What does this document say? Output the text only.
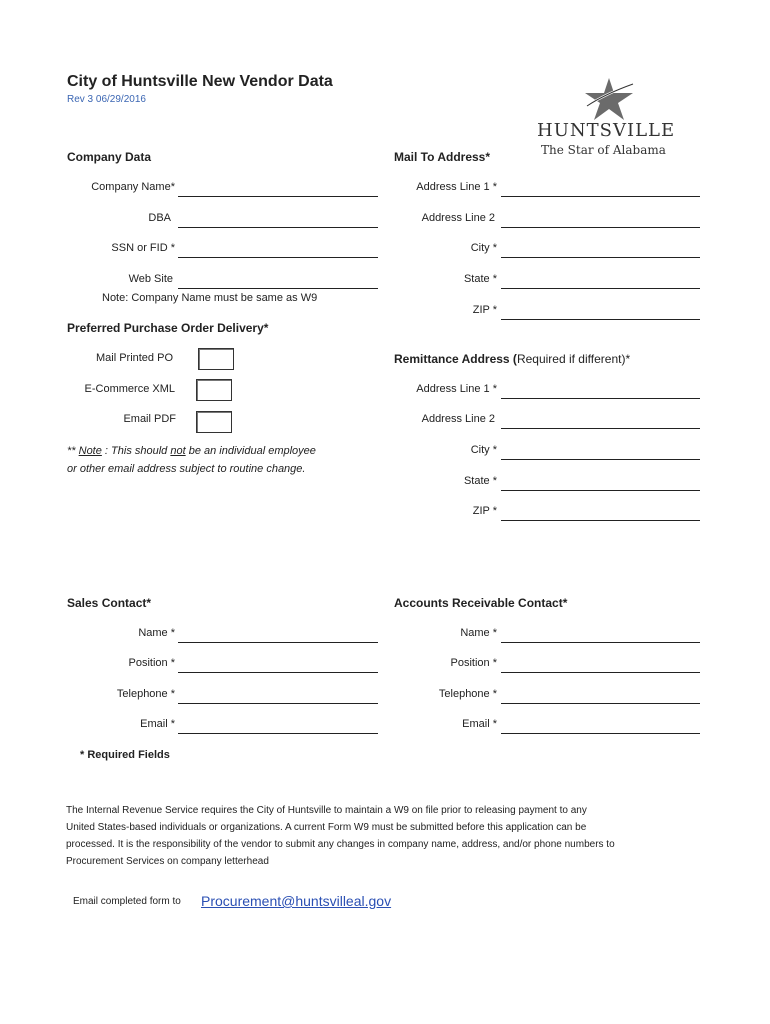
City of Huntsville New Vendor Data
Rev 3 06/29/2016
HUNTSVILLE
The Star of Alabama
Company Data
Company Name*
DBA
SSN or FID *
Web Site
Note: Company Name must be same as W9
Mail To Address*
Address Line 1 *
Address Line 2
City *
State *
ZIP *
Preferred Purchase Order Delivery*
Mail Printed PO
E-Commerce XML
Email PDF
** Note : This should not be an individual employee
or other email address subject to routine change.
Remittance Address (Required if different)*
Address Line 1 *
Address Line 2
City *
State *
ZIP *
Sales Contact*
Name *
Position *
Telephone *
Email *
Accounts Receivable Contact*
Name *
Position *
Telephone *
Email *
* Required Fields
The Internal Revenue Service requires the City of Huntsville to maintain a W9 on file prior to releasing payment to any
United States-based individuals or organizations. A current Form W9 must be submitted before this application can be
processed. It is the responsibility of the vendor to submit any changes in company name, address, and/or phone numbers to
Procurement Services on company letterhead
Email completed form to Procurement@huntsvilleal.gov
